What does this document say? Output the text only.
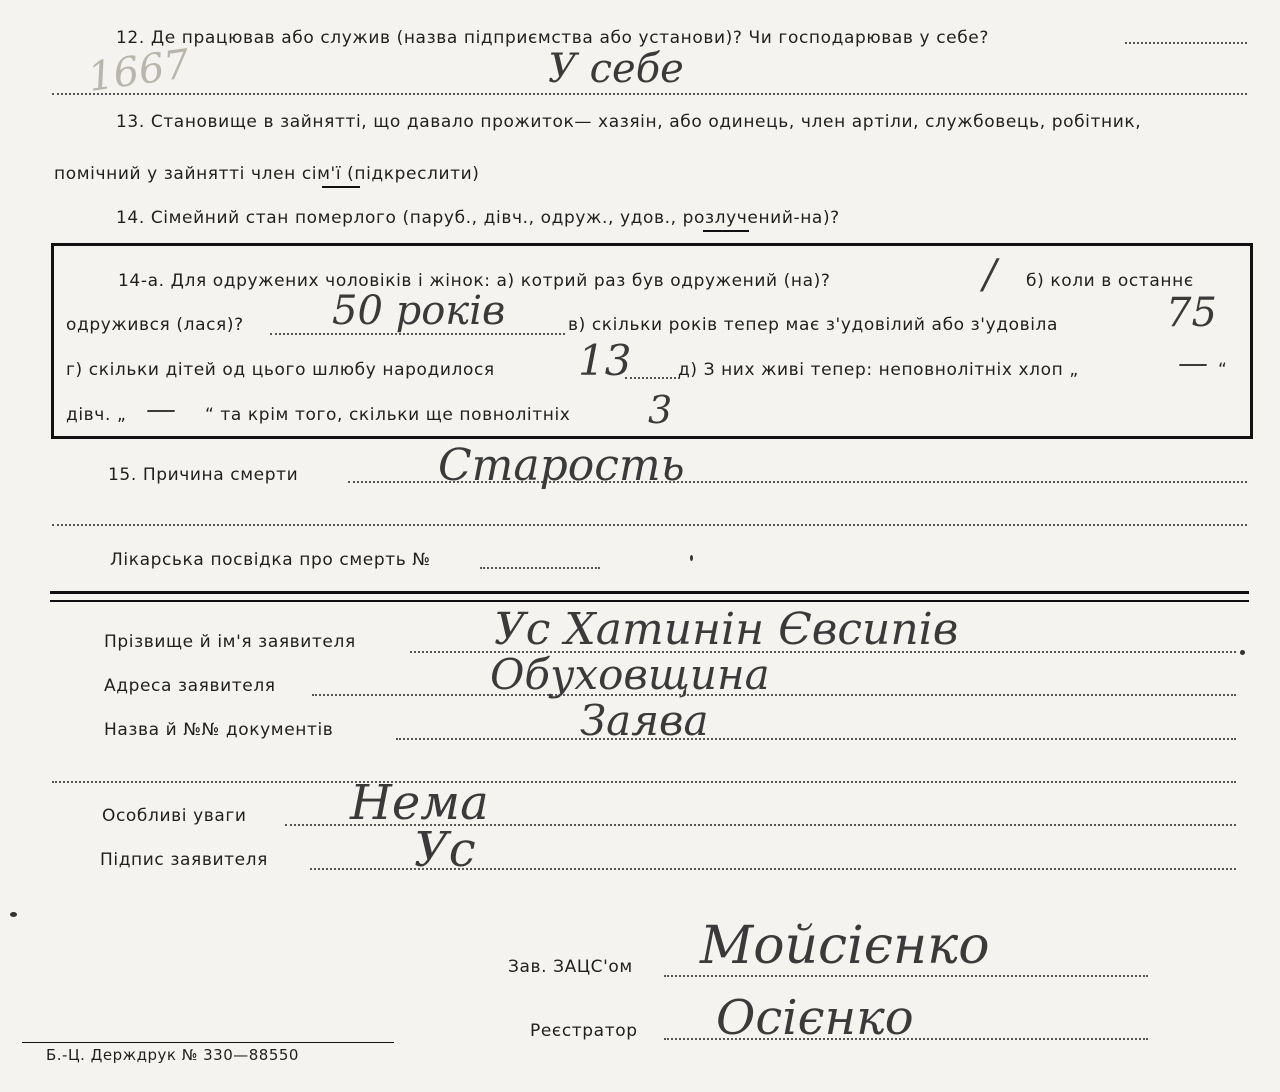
12. Де працював або служив (назва підприємства або установи)? Чи господарював у себе?
1667	У себе
13. Становище в зайнятті, що давало прожиток— хазяін, або одинець, член артіли, службовець, робітник,
помічний у зайнятті член сім'ї (підкреслити)
14. Сімейний стан померлого (паруб., дівч., одруж., удов., розлучений-на)?
14-а. Для одружених чоловіків і жінок: а) котрий раз був одружений (на)?	/ б) коли в останнє
одружився (лася)? 50 років	в) скільки років тепер має з'удовілий або з'удовіла	75
г) скільки дітей од цього шлюбу народилося 13	д) З них живі тепер: неповнолітніх хлоп „	— “
дівч. „ — “ та крім того, скільки ще повнолітніх 3
15. Причина смерти	Старость
Лікарська посвідка про смерть №
Прізвище й ім'я заявителя	Ус Хатинін Євсипів
Адреса заявителя	Обуховщина
Назва й №№ документів	Заява
Особливі уваги Нема
Підпис заявителя	Ус
Зав. ЗАЦС'ом Мойсієнко
Реєстратор Осієнко
Б.-Ц. Держдрук № 330—88550
